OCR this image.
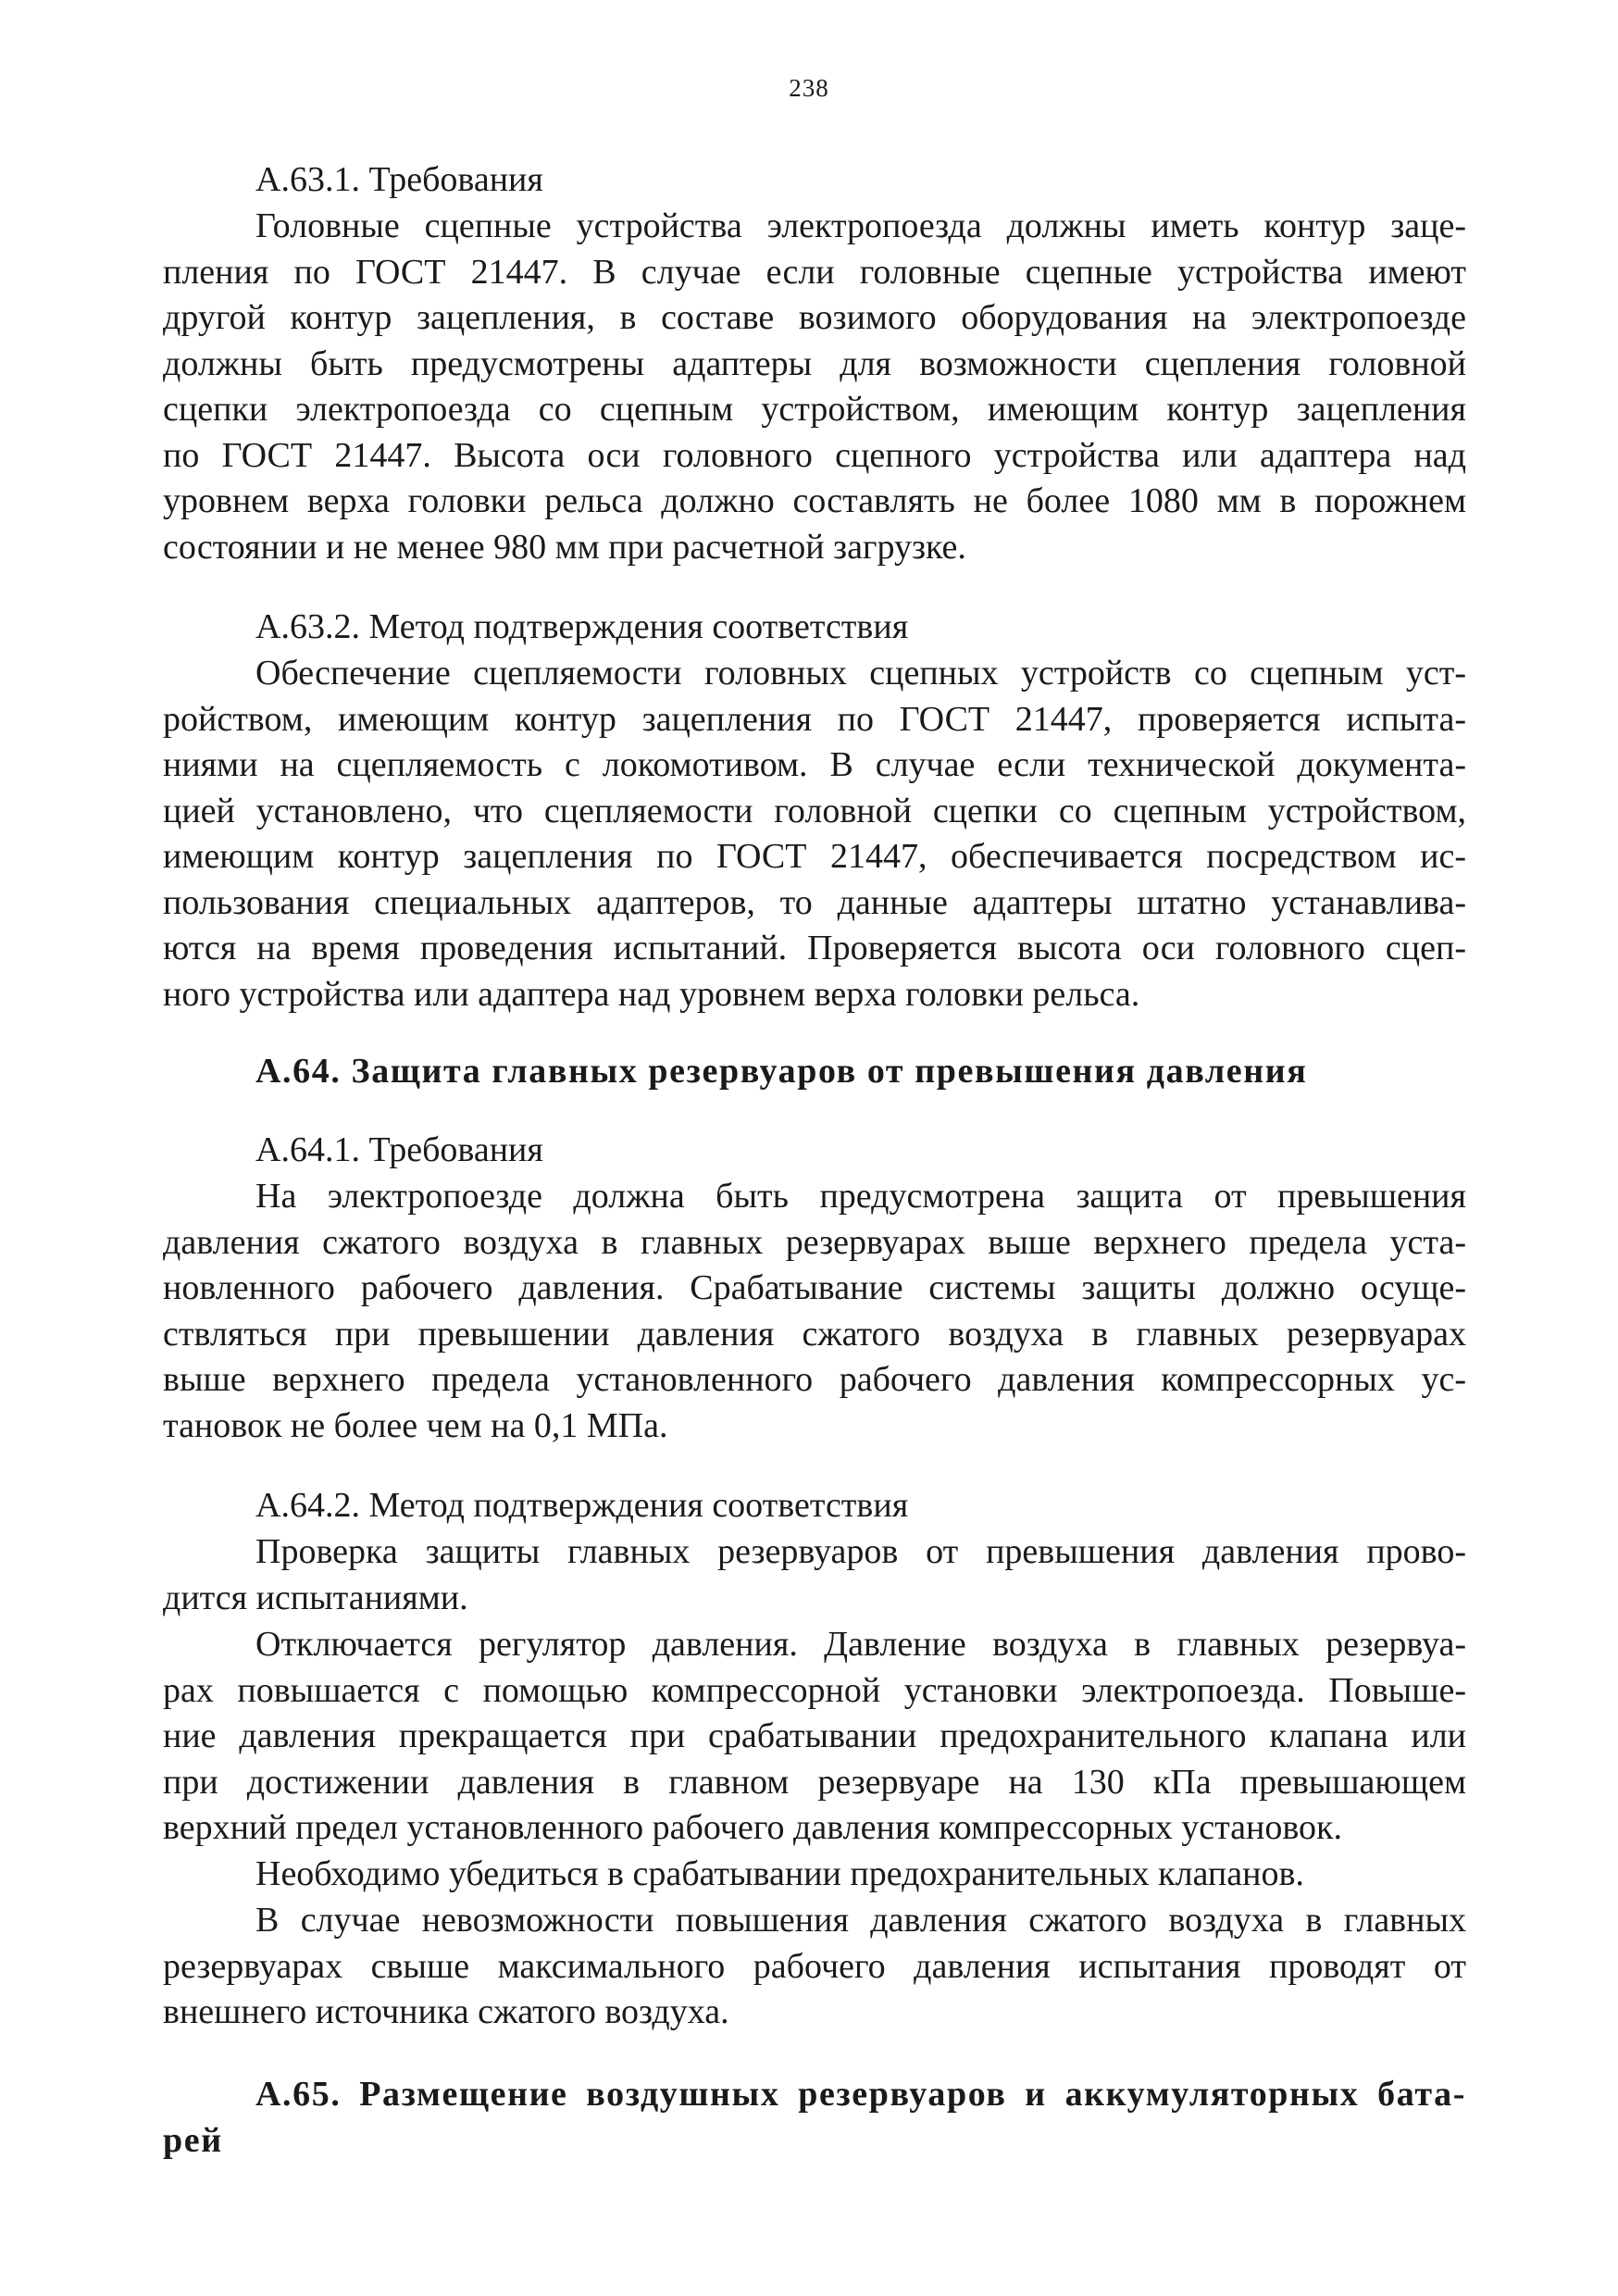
238
А.63.1. Требования
Головные сцепные устройства электропоезда должны иметь контур заце-
пления по ГОСТ 21447. В случае если головные сцепные устройства имеют
другой контур зацепления, в составе возимого оборудования на электропоезде
должны быть предусмотрены адаптеры для возможности сцепления головной
сцепки электропоезда со сцепным устройством, имеющим контур зацепления
по ГОСТ 21447. Высота оси головного сцепного устройства или адаптера над
уровнем верха головки рельса должно составлять не более 1080 мм в порожнем
состоянии и не менее 980 мм при расчетной загрузке.
А.63.2. Метод подтверждения соответствия
Обеспечение сцепляемости головных сцепных устройств со сцепным уст-
ройством, имеющим контур зацепления по ГОСТ 21447, проверяется испыта-
ниями на сцепляемость с локомотивом. В случае если технической документа-
цией установлено, что сцепляемости головной сцепки со сцепным устройством,
имеющим контур зацепления по ГОСТ 21447, обеспечивается посредством ис-
пользования специальных адаптеров, то данные адаптеры штатно устанавлива-
ются на время проведения испытаний. Проверяется высота оси головного сцеп-
ного устройства или адаптера над уровнем верха головки рельса.
А.64. Защита главных резервуаров от превышения давления
А.64.1. Требования
На электропоезде должна быть предусмотрена защита от превышения
давления сжатого воздуха в главных резервуарах выше верхнего предела уста-
новленного рабочего давления. Срабатывание системы защиты должно осуще-
ствляться при превышении давления сжатого воздуха в главных резервуарах
выше верхнего предела установленного рабочего давления компрессорных ус-
тановок не более чем на 0,1 МПа.
А.64.2. Метод подтверждения соответствия
Проверка защиты главных резервуаров от превышения давления прово-
дится испытаниями.
Отключается регулятор давления. Давление воздуха в главных резервуа-
рах повышается с помощью компрессорной установки электропоезда. Повыше-
ние давления прекращается при срабатывании предохранительного клапана или
при достижении давления в главном резервуаре на 130 кПа превышающем
верхний предел установленного рабочего давления компрессорных установок.
Необходимо убедиться в срабатывании предохранительных клапанов.
В случае невозможности повышения давления сжатого воздуха в главных
резервуарах свыше максимального рабочего давления испытания проводят от
внешнего источника сжатого воздуха.
А.65. Размещение воздушных резервуаров и аккумуляторных бата-
рей
